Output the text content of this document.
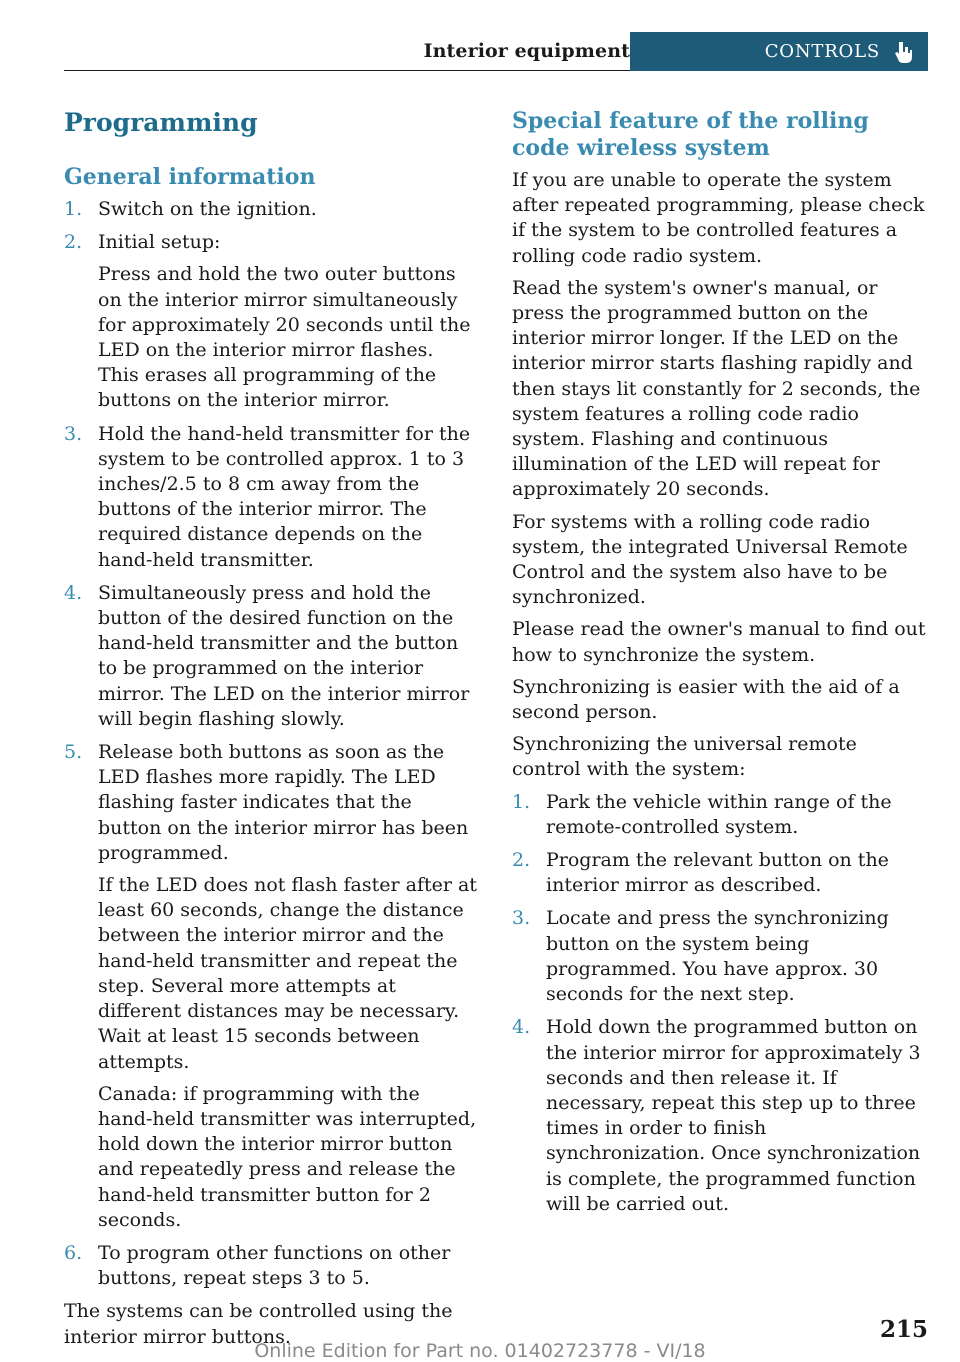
Interior equipment	CONTROLS
Programming
General information
1. Switch on the ignition.

2. Initial setup:

Press and hold the two outer buttons on the interior mirror simultaneously for approximately 20 seconds until the LED on the interior mirror flashes. This erases all programming of the buttons on the interior mirror.

3. Hold the hand-held transmitter for the system to be controlled approx. 1 to 3 inches/2.5 to 8 cm away from the buttons of the interior mirror. The required distance depends on the hand-held transmitter.

4. Simultaneously press and hold the button of the desired function on the hand-held transmitter and the button to be programmed on the interior mirror. The LED on the interior mirror will begin flashing slowly.

5. Release both buttons as soon as the LED flashes more rapidly. The LED flashing faster indicates that the button on the interior mirror has been programmed.

If the LED does not flash faster after at least 60 seconds, change the distance between the interior mirror and the hand-held transmitter and repeat the step. Several more attempts at different distances may be necessary. Wait at least 15 seconds between attempts.

Canada: if programming with the hand-held transmitter was interrupted, hold down the interior mirror button and repeatedly press and release the hand-held transmitter button for 2 seconds.

6. To program other functions on other buttons, repeat steps 3 to 5.

The systems can be controlled using the interior mirror buttons.

Special feature of the rolling code wireless system

If you are unable to operate the system after repeated programming, please check if the system to be controlled features a rolling code radio system.

Read the system's owner's manual, or press the programmed button on the interior mirror longer. If the LED on the interior mirror starts flashing rapidly and then stays lit constantly for 2 seconds, the system features a rolling code radio system. Flashing and continuous illumination of the LED will repeat for approximately 20 seconds.

For systems with a rolling code radio system, the integrated Universal Remote Control and the system also have to be synchronized.

Please read the owner's manual to find out how to synchronize the system.

Synchronizing is easier with the aid of a second person.

Synchronizing the universal remote control with the system:

1. Park the vehicle within range of the remote-controlled system.

2. Program the relevant button on the interior mirror as described.

3. Locate and press the synchronizing button on the system being programmed. You have approx. 30 seconds for the next step.

4. Hold down the programmed button on the interior mirror for approximately 3 seconds and then release it. If necessary, repeat this step up to three times in order to finish synchronization. Once synchronization is complete, the programmed function will be carried out.

215
Online Edition for Part no. 01402723778 - VI/18
